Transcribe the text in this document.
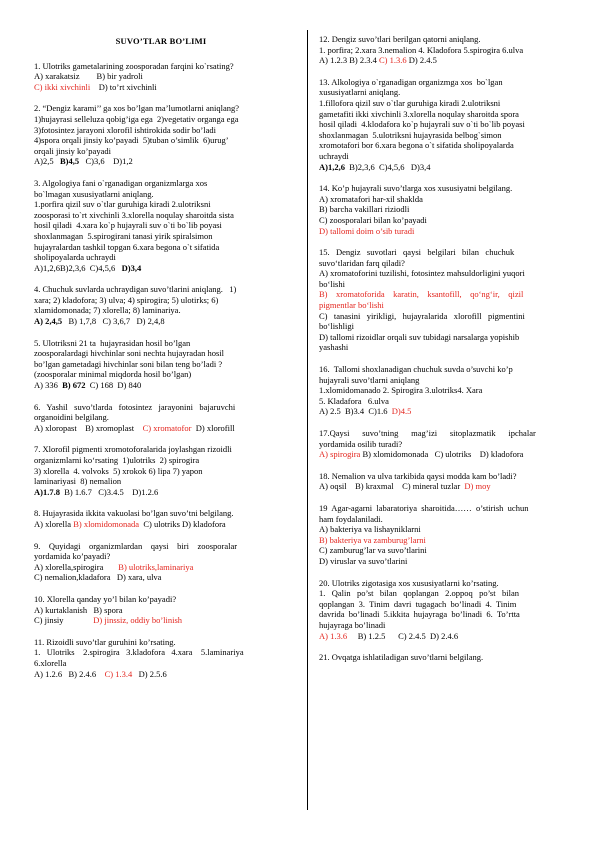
SUVO’TLAR BO’LIMI

1. Ulotriks gametalarining zoosporadan farqini ko`rsating?

A) xarakatsiz        B) bir yadroli

C) ikki xivchinli    D) to’rt xivchinli

2. “Dengiz karami’’ ga xos bo’lgan ma’lumotlarni aniqlang?

1)hujayrasi selleluza qobig’iga ega  2)vegetativ organga ega

3)fotosintez jarayoni xlorofil ishtirokida sodir bo’ladi

4)spora orqali jinsiy ko’payadi  5)tuban o’simlik  6)urug’

orqali jinsiy ko’payadi

A)2,5   B)4,5   C)3,6    D)1,2

3. Algologiya fani o`rganadigan organizmlarga xos

bo`lmagan xususiyatlarni aniqlang.

1.porfira qizil suv o`tlar guruhiga kiradi 2.ulotriksni

zoosporasi to`rt xivchinli 3.xlorella noqulay sharoitda sista

hosil qiladi  4.xara ko`p hujayrali suv o`ti bo`lib poyasi

shoxlanmagan  5.spirogirani tanasi yirik spiralsimon

hujayralardan tashkil topgan 6.xara begona o`t sifatida

sholipoyalarda uchraydi

A)1,2,6B)2,3,6  C)4,5,6   D)3,4

4. Chuchuk suvlarda uchraydigan suvo’tlarini aniqlang.   1)

xara; 2) kladofora; 3) ulva; 4) spirogira; 5) ulotirks; 6)

xlamidomonada; 7) xlorella; 8) laminariya.

A) 2,4,5   B) 1,7,8   C) 3,6,7   D) 2,4,8

5. Ulotriksni 21 ta  hujayrasidan hosil bo’lgan

zoosporalardagi hivchinlar soni nechta hujayradan hosil

bo’lgan gametadagi hivchinlar soni bilan teng bo’ladi ?

(zoosporalar minimal miqdorda hosil bo’lgan)

A) 336  B) 672  C) 168  D) 840

6.   Yashil   suvo’tlarda   fotosintez   jarayonini   bajaruvchi

organoidini belgilang.

A) xloropast    B) xromoplast    C) xromatofor  D) xlorofill

7. Xlorofil pigmenti xromotoforalarida joylashgan rizoidli

organizmlarni ko‘rsating  1)ulotriks  2) spirogira

3) xlorella  4. volvoks  5) xrokok 6) lipa 7) yapon

laminariyasi  8) nemalion

A)1.7.8  B) 1.6.7   C)3.4.5    D)1.2.6

8. Hujayrasida ikkita vakuolasi bo’lgan suvo’tni belgilang.

A) xlorella B) xlomidomonada  C) ulotriks D) kladofora

9.    Quyidagi    organizmlardan    qaysi    biri    zoosporalar

yordamida ko’payadi?

A) xlorella,spirogira       B) ulotriks,laminariya

C) nemalion,kladafora   D) xara, ulva

10. Xlorella qanday yo’l bilan ko’payadi?

A) kurtaklanish   B) spora

C) jinsiy              D) jinssiz, oddiy bo’linish

11. Rizoidli suvo’tlar guruhini ko’rsating.

1.   Ulotriks    2.spirogira   3.kladofora   4.xara    5.laminariya

6.xlorella

A) 1.2.6   B) 2.4.6    C) 1.3.4   D) 2.5.6

12. Dengiz suvo’tlari berilgan qatorni aniqlang.

1. porfira; 2.xara 3.nemalion 4. Kladofora 5.spirogira 6.ulva

A) 1.2.3 B) 2.3.4 C) 1.3.6 D) 2.4.5

13. Alkologiya o`rganadigan organizmga xos  bo`lgan

xususiyatlarni aniqlang.

1.fillofora qizil suv o`tlar guruhiga kiradi 2.ulotriksni

gametafiti ikki xivchinli 3.xlorella noqulay sharoitda spora

hosil qiladi  4.klodafora ko`p hujayrali suv o`ti bo`lib poyasi

shoxlanmagan  5.ulotriksni hujayrasida belbog`simon

xromotafori bor 6.xara begona o`t sifatida sholipoyalarda

uchraydi

A)1,2,6  B)2,3,6  C)4,5,6   D)3,4

14. Ko’p hujayrali suvo’tlarga xos xususiyatni belgilang.

A) xromatafori har-xil shaklda

B) barcha vakillari riziodli

C) zoosporalari bilan ko’payadi

D) tallomi doim o’sib turadi

15.   Dengiz   suvotlari   qaysi   belgilari   bilan   chuchuk

suvo‘tlaridan farq qiladi?

A) xromatoforini tuzilishi, fotosintez mahsuldorligini yuqori

bo‘lishi

B)    xromatoforida    karatin,    ksantofill,    qo‘ng‘ir,    qizil

pigmentlar bo‘lishi

C)   tanasini   yirikligi,   hujayralarida   xlorofill   pigmentini

bo‘lishligi

D) tallomi rizoidlar orqali suv tubidagi narsalarga yopishib

yashashi

16.  Tallomi shoxlanadigan chuchuk suvda o’suvchi ko’p

hujayrali suvo’tlarni aniqlang

1.xlomidomanado 2. Spirogira 3.ulotriks4. Xara

5. Kladafora   6.ulva

A) 2.5  B)3.4  C)1.6  D)4.5

17.Qaysi      suvo’tning      mag’izi      sitoplazmatik      ipchalar

yordamida osilib turadi?

A) spirogira B) xlomidomonada   C) ulotriks    D) kladofora

18. Nemalion va ulva tarkibida qaysi modda kam bo’ladi?

A) oqsil    B) kraxmal    C) mineral tuzlar  D) moy

19  Agar-agarni  labaratoriya  sharoitida……  o’stirish  uchun

ham foydalaniladi.

A) bakteriya va lishayniklarni

B) bakteriya va zamburug’larni

C) zamburug’lar va suvo’tlarini

D) viruslar va suvo’tlarini

20. Ulotriks zigotasiga xos xususiyatlarni ko’rsating.

1.   Qalin   po’st   bilan   qoplangan   2.oppoq   po’st   bilan

qoplangan  3.  Tinim  davri  tugagach  bo’linadi  4.  Tinim

davrida  bo’linadi  5.ikkita  hujayraga  bo’linadi  6.  To’rtta

hujayraga bo’linadi

A) 1.3.6     B) 1.2.5      C) 2.4.5  D) 2.4.6

21. Ovqatga ishlatiladigan suvo’tlarni belgilang.
